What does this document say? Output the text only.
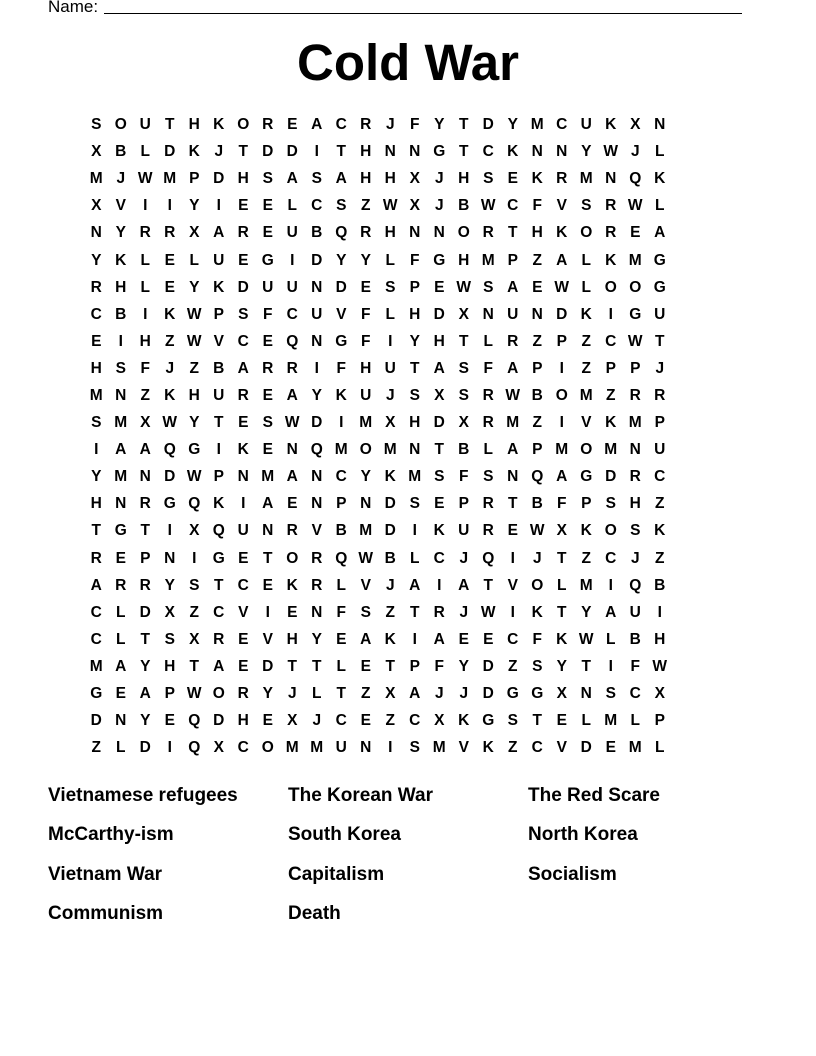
Name:
Cold War
S O U T H K O R E A C R J F Y T D Y M C U K X N
X B L D K J T D D	I	T H N N G T C K N N Y W J L
M J W M P D H S A S A H H X J H S E K R M N Q K
X V	I	I	Y	I	E E L C S Z W X J B W C F V S R W L
N Y R R X A R E U B Q R H N N O R T H K O R E A
Y K L E L U E G	I	D Y Y L F G H M P Z A L K M G
R H L E Y K D U U N D E S P E W S A E W L O O G
C B	I	K W P S F C U V F L H D X N U N D K	I	G U
E	I	H Z W V C E Q N G F	I	Y H T L R Z P Z C W T
H S F J Z B A R R	I	F H U T A S F A P	I	Z P P J
M N Z K H U R E A Y K U J S X S R W B O M Z R R
S M X W Y T E S W D	I	M X H D X R M Z	I	V K M P
I	A A Q G	I	K E N Q M O M N T B L A P M O M N U
Y M N D W P N M A N C Y K M S F S N Q A G D R C
H N R G Q K	I	A E N P N D S E P R T B F P S H Z
T G T	I	X Q U N R V B M D	I	K U R E W X K O S K
R E P N	I	G E T O R Q W B L C J Q	I	J T Z C J Z
A R R Y S T C E K R L V J A	I	A T V O L M	I	Q B
C L D X Z C V	I	E N F S Z T R J W I	K T Y A U	I
C L T S X R E V H Y E A K	I	A E E C F K W L B H
M A Y H T A E D T T L E T P F Y D Z S Y T	I	F W
G E A P W O R Y J L T Z X A J	J D G G X N S C X
D N Y E Q D H E X J C E Z C X K G S T E L M L P
Z L D	I	Q X C O M M U N	I	S M V K Z C V D E M L
Vietnamese refugees	The Korean War	The Red Scare
McCarthy-ism	South Korea	North Korea
Vietnam War	Capitalism	Socialism
Communism	Death
